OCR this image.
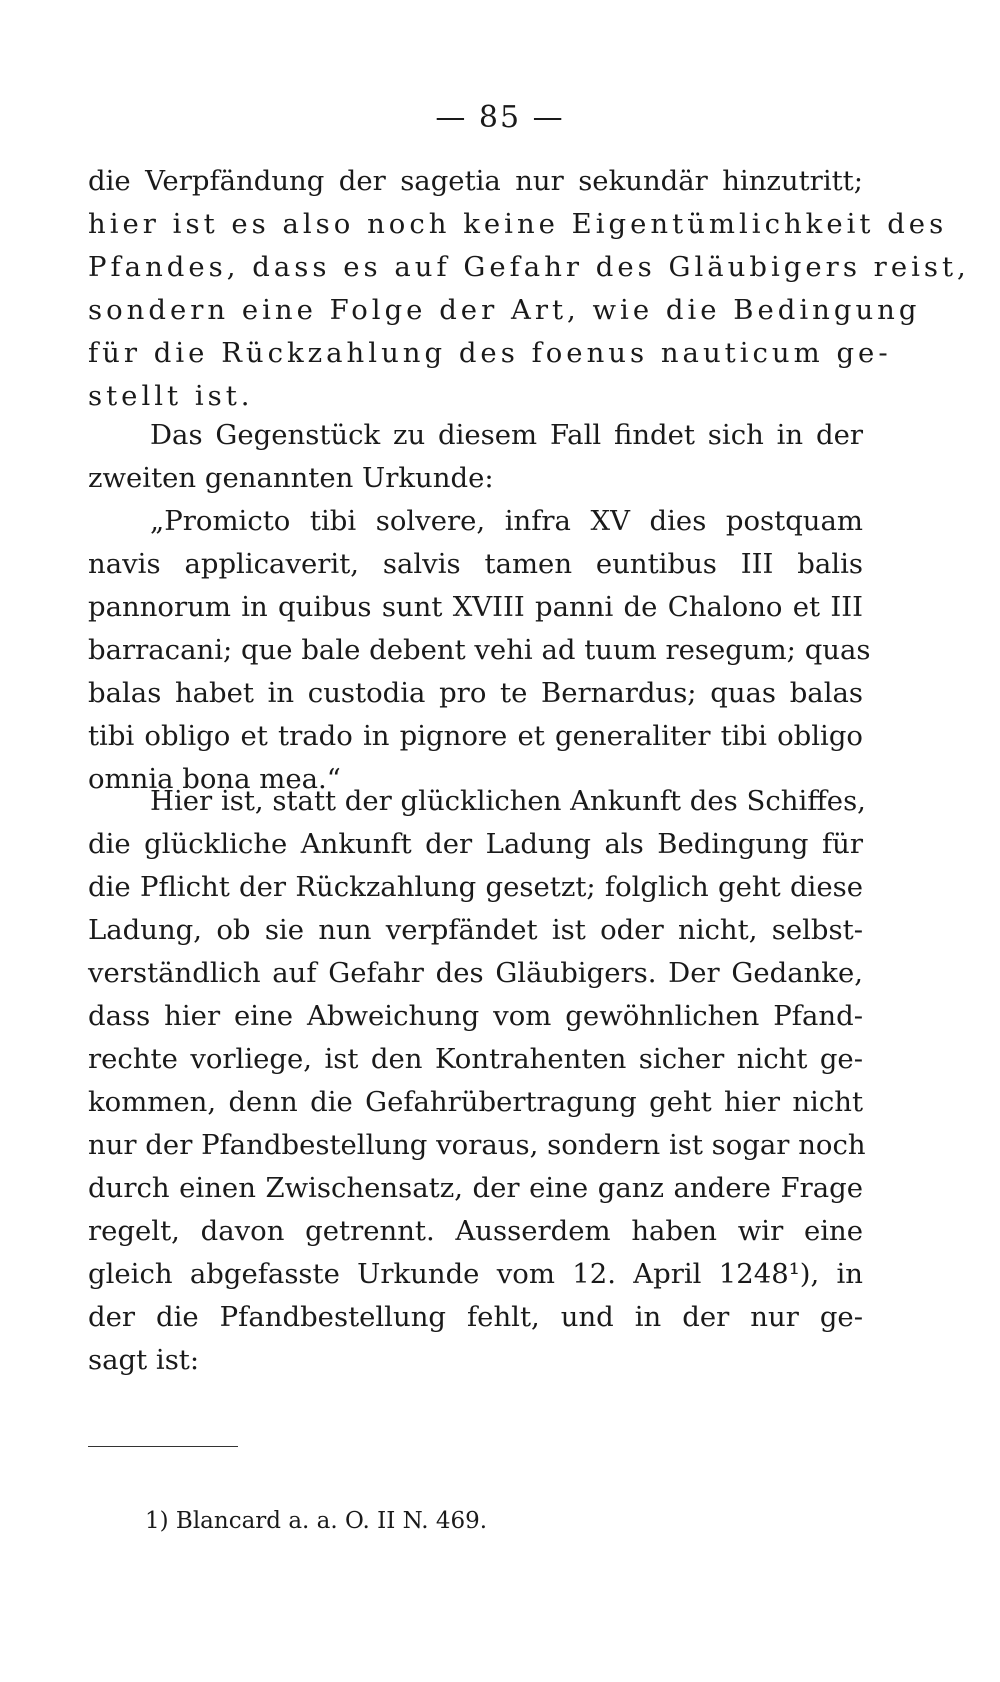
— 85 —
die Verpfändung der sagetia nur sekundär hinzutritt;
hier ist es also noch keine Eigentümlichkeit des
Pfandes, dass es auf Gefahr des Gläubigers reist,
sondern eine Folge der Art, wie die Bedingung
für die Rückzahlung des foenus nauticum ge-
stellt ist.
Das Gegenstück zu diesem Fall findet sich in der
zweiten genannten Urkunde:
„Promicto tibi solvere, infra XV dies postquam
navis applicaverit, salvis tamen euntibus III balis
pannorum in quibus sunt XVIII panni de Chalono et III
barracani; que bale debent vehi ad tuum resegum; quas
balas habet in custodia pro te Bernardus; quas balas
tibi obligo et trado in pignore et generaliter tibi obligo
omnia bona mea.“
Hier ist, statt der glücklichen Ankunft des Schiffes,
die glückliche Ankunft der Ladung als Bedingung für
die Pflicht der Rückzahlung gesetzt; folglich geht diese
Ladung, ob sie nun verpfändet ist oder nicht, selbst-
verständlich auf Gefahr des Gläubigers. Der Gedanke,
dass hier eine Abweichung vom gewöhnlichen Pfand-
rechte vorliege, ist den Kontrahenten sicher nicht ge-
kommen, denn die Gefahrübertragung geht hier nicht
nur der Pfandbestellung voraus, sondern ist sogar noch
durch einen Zwischensatz, der eine ganz andere Frage
regelt, davon getrennt. Ausserdem haben wir eine
gleich abgefasste Urkunde vom 12. April 1248¹), in
der die Pfandbestellung fehlt, und in der nur ge-
sagt ist:
1) Blancard a. a. O. II N. 469.
